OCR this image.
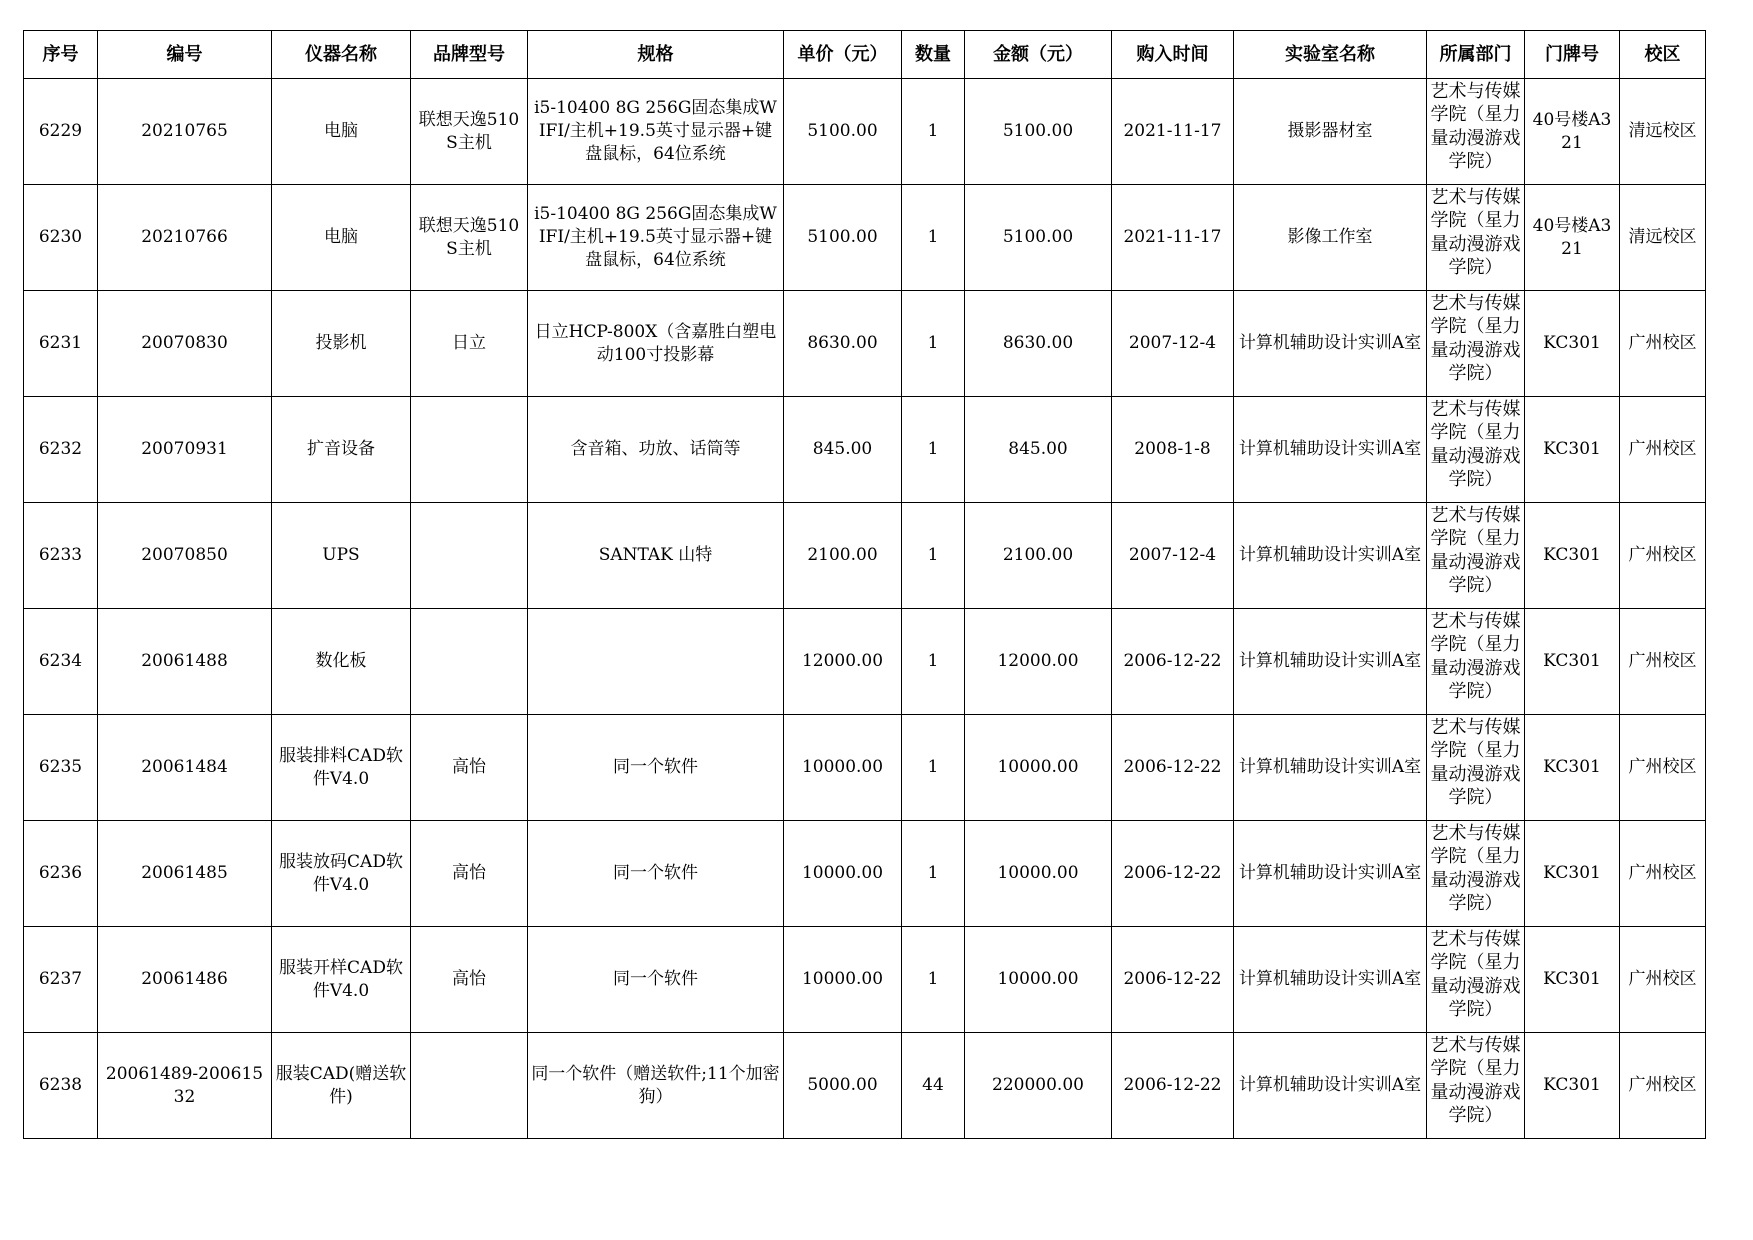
序号	编号	仪器名称	品牌型号	规格	单价（元）	数量	金额（元）	购入时间	实验室名称	所属部门	门牌号	校区
6229	20210765	电脑	联想天逸510S主机	i5-10400 8G 256G固态集成WIFI/主机+19.5英寸显示器+键盘鼠标，64位系统	5100.00	1	5100.00	2021-11-17	摄影器材室	艺术与传媒学院（星力量动漫游戏学院）	40号楼A321	清远校区
6230	20210766	电脑	联想天逸510S主机	i5-10400 8G 256G固态集成WIFI/主机+19.5英寸显示器+键盘鼠标，64位系统	5100.00	1	5100.00	2021-11-17	影像工作室	艺术与传媒学院（星力量动漫游戏学院）	40号楼A321	清远校区
6231	20070830	投影机	日立	日立HCP-800X（含嘉胜白塑电动100寸投影幕	8630.00	1	8630.00	2007-12-4	计算机辅助设计实训A室	艺术与传媒学院（星力量动漫游戏学院）	KC301	广州校区
6232	20070931	扩音设备		含音箱、功放、话筒等	845.00	1	845.00	2008-1-8	计算机辅助设计实训A室	艺术与传媒学院（星力量动漫游戏学院）	KC301	广州校区
6233	20070850	UPS		SANTAK 山特	2100.00	1	2100.00	2007-12-4	计算机辅助设计实训A室	艺术与传媒学院（星力量动漫游戏学院）	KC301	广州校区
6234	20061488	数化板			12000.00	1	12000.00	2006-12-22	计算机辅助设计实训A室	艺术与传媒学院（星力量动漫游戏学院）	KC301	广州校区
6235	20061484	服装排料CAD软件V4.0	高怡	同一个软件	10000.00	1	10000.00	2006-12-22	计算机辅助设计实训A室	艺术与传媒学院（星力量动漫游戏学院）	KC301	广州校区
6236	20061485	服装放码CAD软件V4.0	高怡	同一个软件	10000.00	1	10000.00	2006-12-22	计算机辅助设计实训A室	艺术与传媒学院（星力量动漫游戏学院）	KC301	广州校区
6237	20061486	服装开样CAD软件V4.0	高怡	同一个软件	10000.00	1	10000.00	2006-12-22	计算机辅助设计实训A室	艺术与传媒学院（星力量动漫游戏学院）	KC301	广州校区
6238	20061489-20061532	服装CAD(赠送软件)		同一个软件（赠送软件;11个加密狗）	5000.00	44	220000.00	2006-12-22	计算机辅助设计实训A室	艺术与传媒学院（星力量动漫游戏学院）	KC301	广州校区
